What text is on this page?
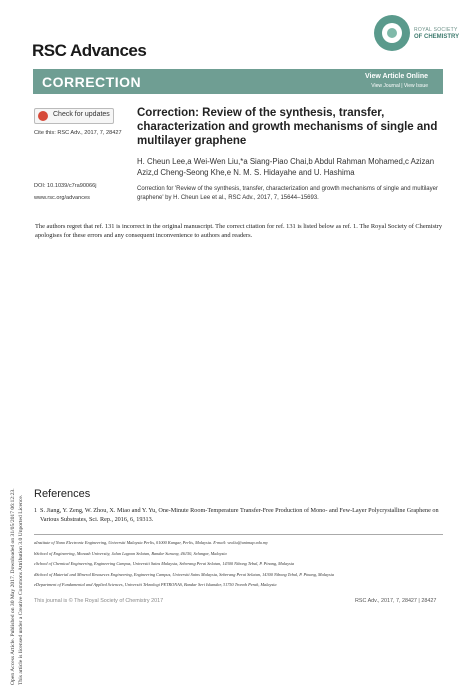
RSC Advances
ROYAL SOCIETY
OF CHEMISTRY
CORRECTION	View Article Online
View Journal | View Issue
Open Access Article. Published on 30 May 2017. Downloaded on 31/05/2017 06:12:23. This article is licensed under a Creative Commons Attribution 3.0 Unported Licence.
Check for updates
Cite this: RSC Adv., 2017, 7, 28427
DOI: 10.1039/c7ra90066j
www.rsc.org/advances
Correction: Review of the synthesis, transfer, characterization and growth mechanisms of single and multilayer graphene
H. Cheun Lee,a Wei-Wen Liu,*a Siang-Piao Chai,b Abdul Rahman Mohamed,c Azizan Aziz,d Cheng-Seong Khe,e N. M. S. Hidayahe and U. Hashima
Correction for 'Review of the synthesis, transfer, characterization and growth mechanisms of single and multilayer graphene' by H. Cheun Lee et al., RSC Adv., 2017, 7, 15644–15693.
The authors regret that ref. 131 is incorrect in the original manuscript. The correct citation for ref. 131 is listed below as ref. 1. The Royal Society of Chemistry apologises for these errors and any consequent inconvenience to authors and readers.
References
1 S. Jiang, Y. Zeng, W. Zhou, X. Miao and Y. Yu, One-Minute Room-Temperature Transfer-Free Production of Mono- and Few-Layer Polycrystalline Graphene on Various Substrates, Sci. Rep., 2016, 6, 19313.
aInstitute of Nano Electronic Engineering, Universiti Malaysia Perlis, 01000 Kangar, Perlis, Malaysia. E-mail: wwliu@unimap.edu.my
bSchool of Engineering, Monash University, Jalan Lagoon Selatan, Bandar Sunway, 46150, Selangor, Malaysia
cSchool of Chemical Engineering, Engineering Campus, Universiti Sains Malaysia, Seberang Perai Selatan, 14300 Nibong Tebal, P. Pinang, Malaysia
dSchool of Material and Mineral Resources Engineering, Engineering Campus, Universiti Sains Malaysia, Seberang Perai Selatan, 14300 Nibong Tebal, P. Pinang, Malaysia
eDepartment of Fundamental and Applied Sciences, Universiti Teknologi PETRONAS, Bandar Seri Iskandar, 31750 Tronoh Perak, Malaysia
This journal is © The Royal Society of Chemistry 2017	RSC Adv., 2017, 7, 28427 | 28427
